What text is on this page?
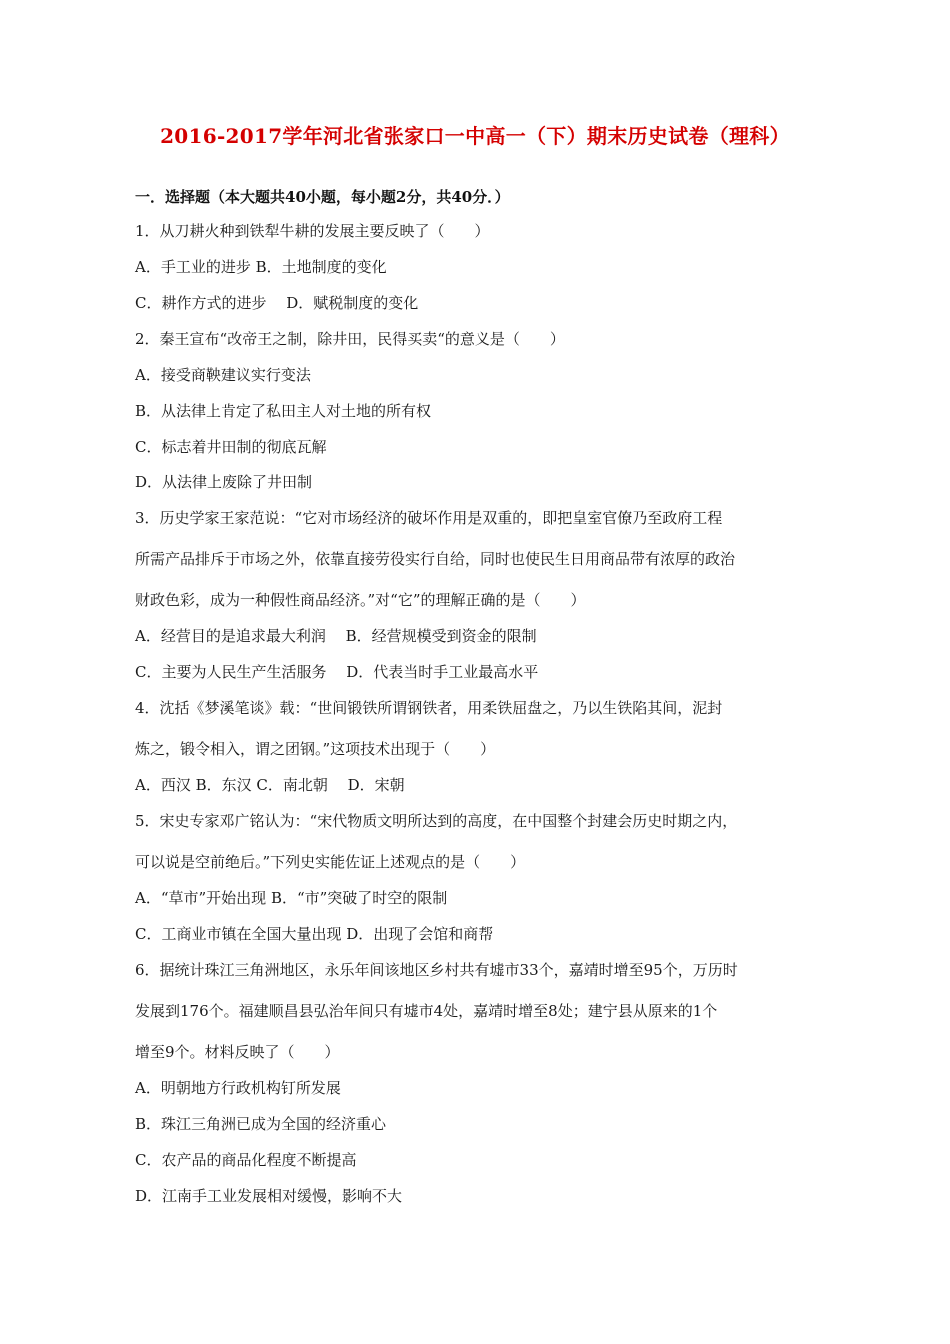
2016-2017学年河北省张家口一中高一（下）期末历史试卷（理科）
一．选择题（本大题共40小题，每小题2分，共40分．）
1．从刀耕火种到铁犁牛耕的发展主要反映了（　　）
A．手工业的进步 B．土地制度的变化
C．耕作方式的进步　 D．赋税制度的变化
2．秦王宣布“改帝王之制，除井田，民得买卖“的意义是（　　）
A．接受商鞅建议实行变法
B．从法律上肯定了私田主人对土地的所有权
C．标志着井田制的彻底瓦解
D．从法律上废除了井田制
3．历史学家王家范说：“它对市场经济的破坏作用是双重的，即把皇室官僚乃至政府工程
所需产品排斥于市场之外，依靠直接劳役实行自给，同时也使民生日用商品带有浓厚的政治
财政色彩，成为一种假性商品经济。”对“它”的理解正确的是（　　）
A．经营目的是追求最大利润　 B．经营规模受到资金的限制
C．主要为人民生产生活服务　 D．代表当时手工业最高水平
4．沈括《梦溪笔谈》载：“世间锻铁所谓钢铁者，用柔铁屈盘之，乃以生铁陷其间，泥封
炼之，锻令相入，谓之团钢。”这项技术出现于（　　）
A．西汉 B．东汉 C．南北朝　 D．宋朝
5．宋史专家邓广铭认为：“宋代物质文明所达到的高度，在中国整个封建会历史时期之内，
可以说是空前绝后。”下列史实能佐证上述观点的是（　　）
A．“草市”开始出现 B．“市”突破了时空的限制
C．工商业市镇在全国大量出现 D．出现了会馆和商帮
6．据统计珠江三角洲地区，永乐年间该地区乡村共有墟市33个，嘉靖时增至95个，万历时
发展到176个。福建顺昌县弘治年间只有墟市4处，嘉靖时增至8处；建宁县从原来的1个
增至9个。材料反映了（　　）
A．明朝地方行政机构钉所发展
B．珠江三角洲已成为全国的经济重心
C．农产品的商品化程度不断提高
D．江南手工业发展相对缓慢，影响不大
